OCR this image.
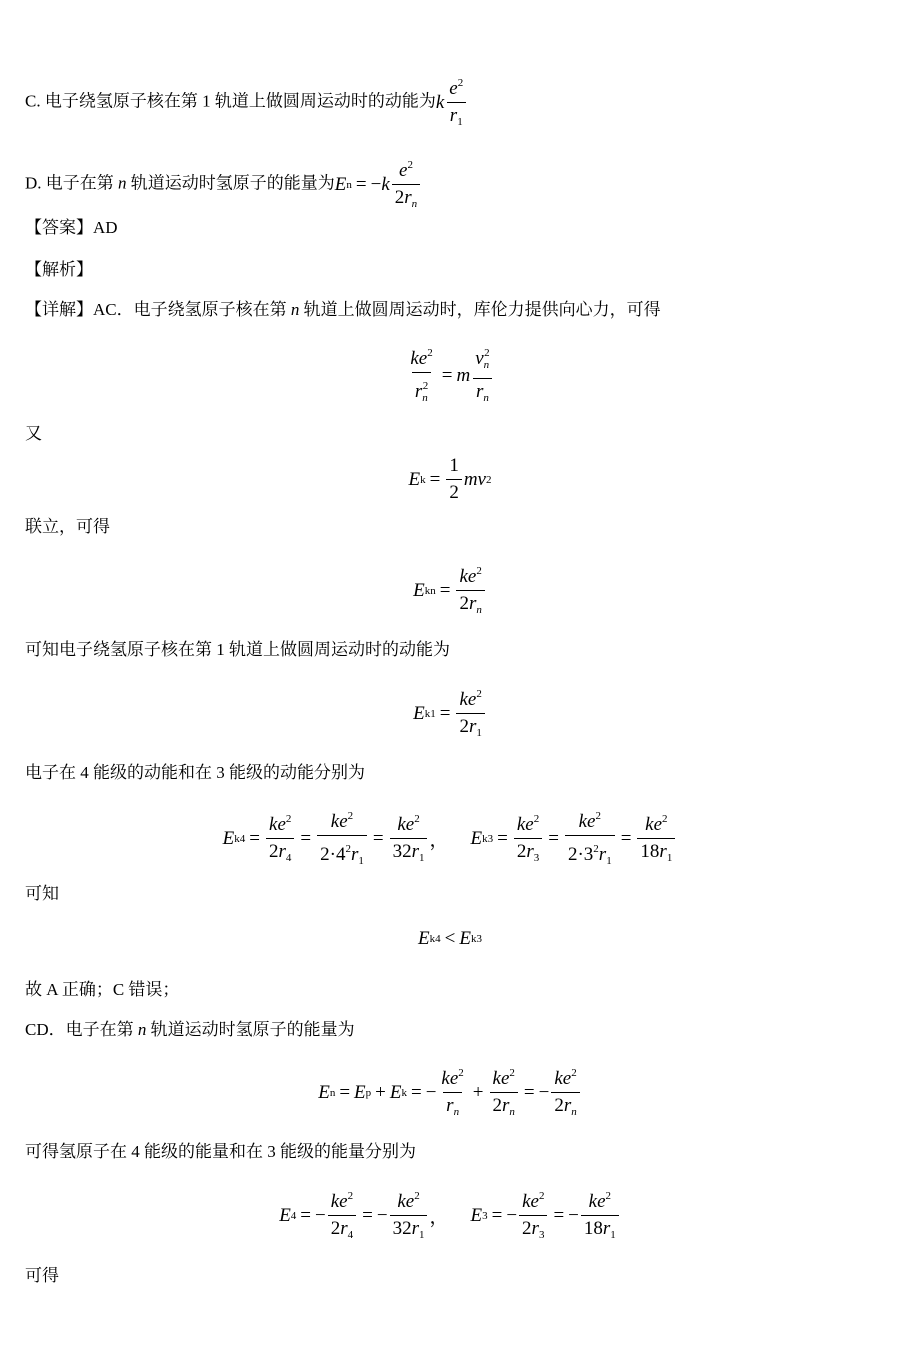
C. 电子绕氢原子核在第 1 轨道上做圆周运动时的动能为 k $\frac{e^2}{r_1}$
D. 电子在第 n 轨道运动时氢原子的能量为 E n = − k $\frac{e^2}{2r_n}$
【答案】AD
【解析】
【详解】AC．电子绕氢原子核在第 n 轨道上做圆周运动时，库伦力提供向心力，可得
$\frac{ke^2}{r_n^2} = m \frac{v_n^2}{r_n}$
又
E $k = \frac{1}{2}$ mv 2
联立，可得
E kn = $\frac{ke^2}{2r_n}$
可知电子绕氢原子核在第 1 轨道上做圆周运动时的动能为
E $k1 = \frac{ke^2}{2r_1}$
电子在 4 能级的动能和在 3 能级的动能分别为
E $k4 = \frac{ke^2}{2r_4} = \frac{ke^2}{2\cdot 4^2r_1} = \frac{ke^2}{32r_1}$ ， E $k3 = \frac{ke^2}{2r_3} = \frac{ke^2}{2\cdot 3^2r_1} = \frac{ke^2}{18r_1}$
可知
E k4 < E k3
故 A 正确；C 错误；
CD．电子在第 n 轨道运动时氢原子的能量为
E n = E p + E k = − $\frac{ke^2}{r_n} + \frac{ke^2}{2r_n}$ = − $\frac{ke^2}{2r_n}$
可得氢原子在 4 能级的能量和在 3 能级的能量分别为
E 4 = − $\frac{ke^2}{2r_4}$ = − $\frac{ke^2}{32r_1}$ ， E 3 = − $\frac{ke^2}{2r_3}$ = − $\frac{ke^2}{18r_1}$
可得
